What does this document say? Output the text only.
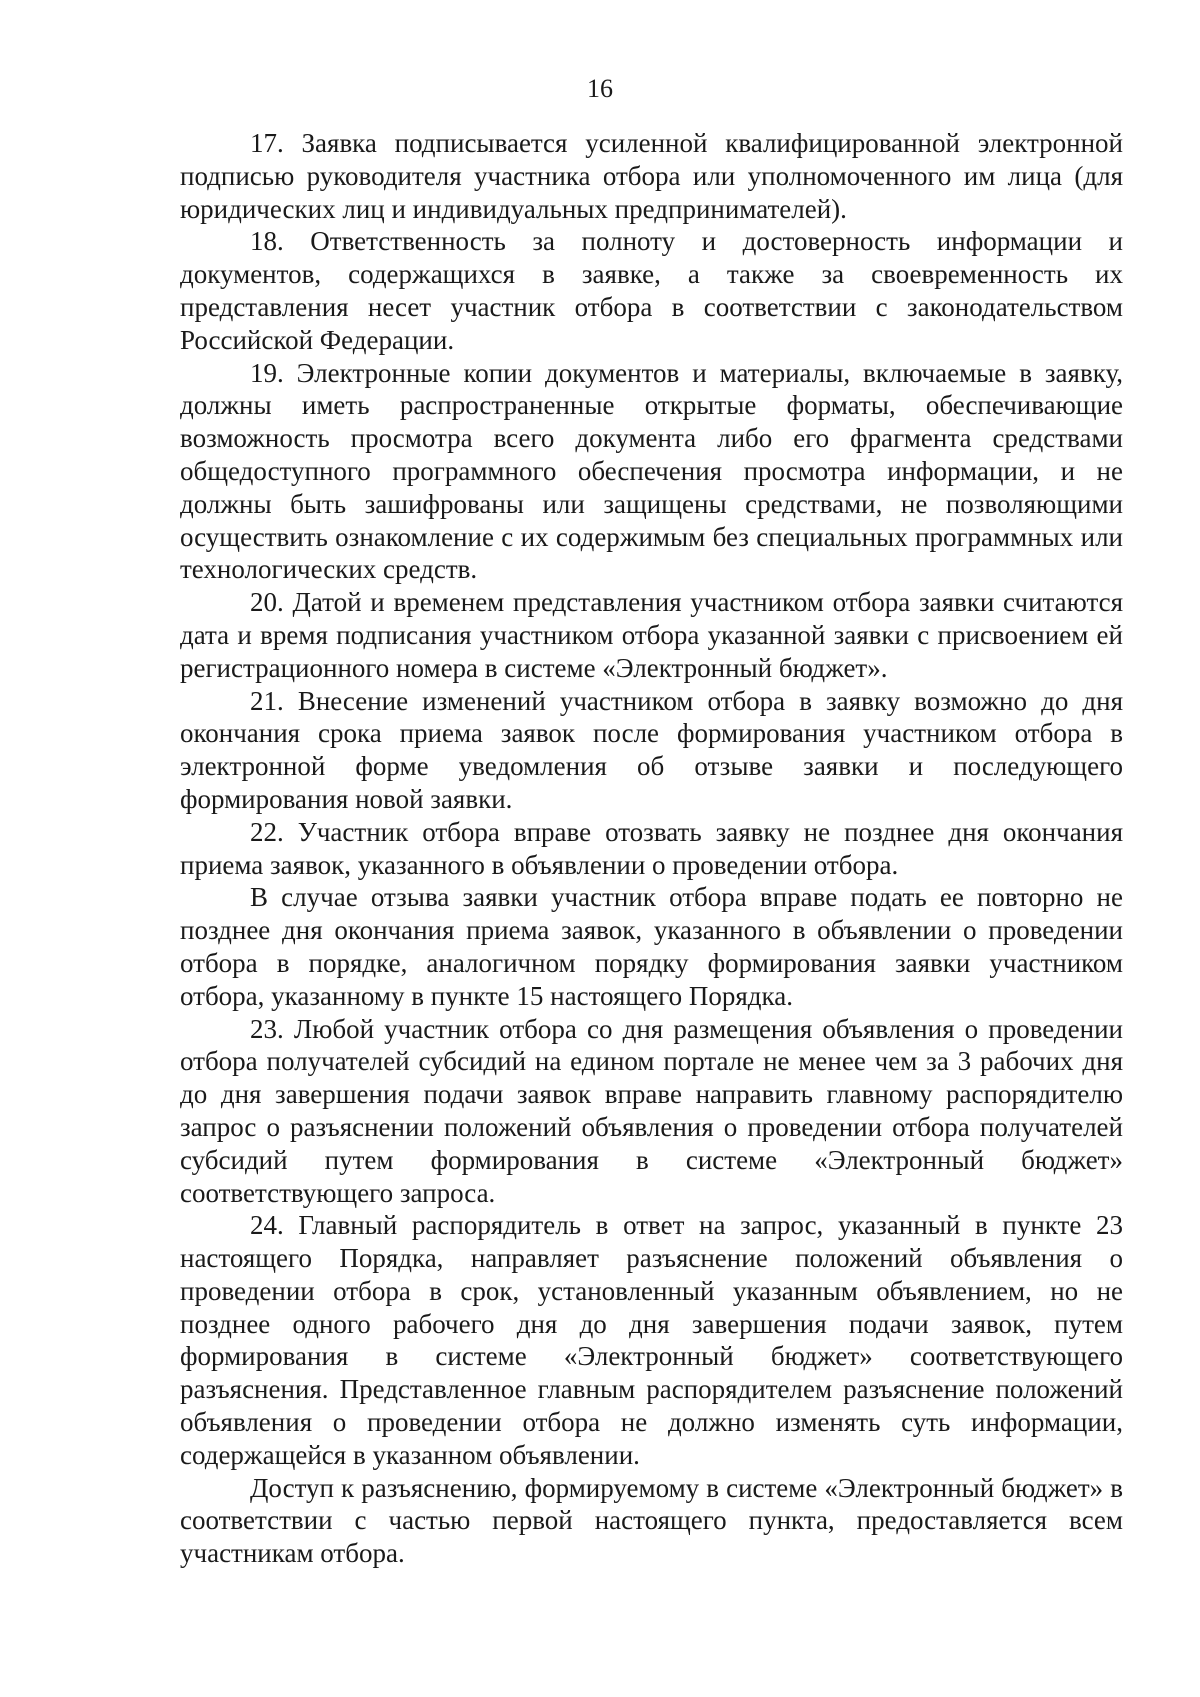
16

17. Заявка подписывается усиленной квалифицированной электронной подписью руководителя участника отбора или уполномоченного им лица (для юридических лиц и индивидуальных предпринимателей).

18. Ответственность за полноту и достоверность информации и документов, содержащихся в заявке, а также за своевременность их представления несет участник отбора в соответствии с законодательством Российской Федерации.

19. Электронные копии документов и материалы, включаемые в заявку, должны иметь распространенные открытые форматы, обеспечивающие возможность просмотра всего документа либо его фрагмента средствами общедоступного программного обеспечения просмотра информации, и не должны быть зашифрованы или защищены средствами, не позволяющими осуществить ознакомление с их содержимым без специальных программных или технологических средств.

20. Датой и временем представления участником отбора заявки считаются дата и время подписания участником отбора указанной заявки с присвоением ей регистрационного номера в системе «Электронный бюджет».

21. Внесение изменений участником отбора в заявку возможно до дня окончания срока приема заявок после формирования участником отбора в электронной форме уведомления об отзыве заявки и последующего формирования новой заявки.

22. Участник отбора вправе отозвать заявку не позднее дня окончания приема заявок, указанного в объявлении о проведении отбора.

В случае отзыва заявки участник отбора вправе подать ее повторно не позднее дня окончания приема заявок, указанного в объявлении о проведении отбора в порядке, аналогичном порядку формирования заявки участником отбора, указанному в пункте 15 настоящего Порядка.

23. Любой участник отбора со дня размещения объявления о проведении отбора получателей субсидий на едином портале не менее чем за 3 рабочих дня до дня завершения подачи заявок вправе направить главному распорядителю запрос о разъяснении положений объявления о проведении отбора получателей субсидий путем формирования в системе «Электронный бюджет» соответствующего запроса.

24. Главный распорядитель в ответ на запрос, указанный в пункте 23 настоящего Порядка, направляет разъяснение положений объявления о проведении отбора в срок, установленный указанным объявлением, но не позднее одного рабочего дня до дня завершения подачи заявок, путем формирования в системе «Электронный бюджет» соответствующего разъяснения. Представленное главным распорядителем разъяснение положений объявления о проведении отбора не должно изменять суть информации, содержащейся в указанном объявлении.

Доступ к разъяснению, формируемому в системе «Электронный бюджет» в соответствии с частью первой настоящего пункта, предоставляется всем участникам отбора.
